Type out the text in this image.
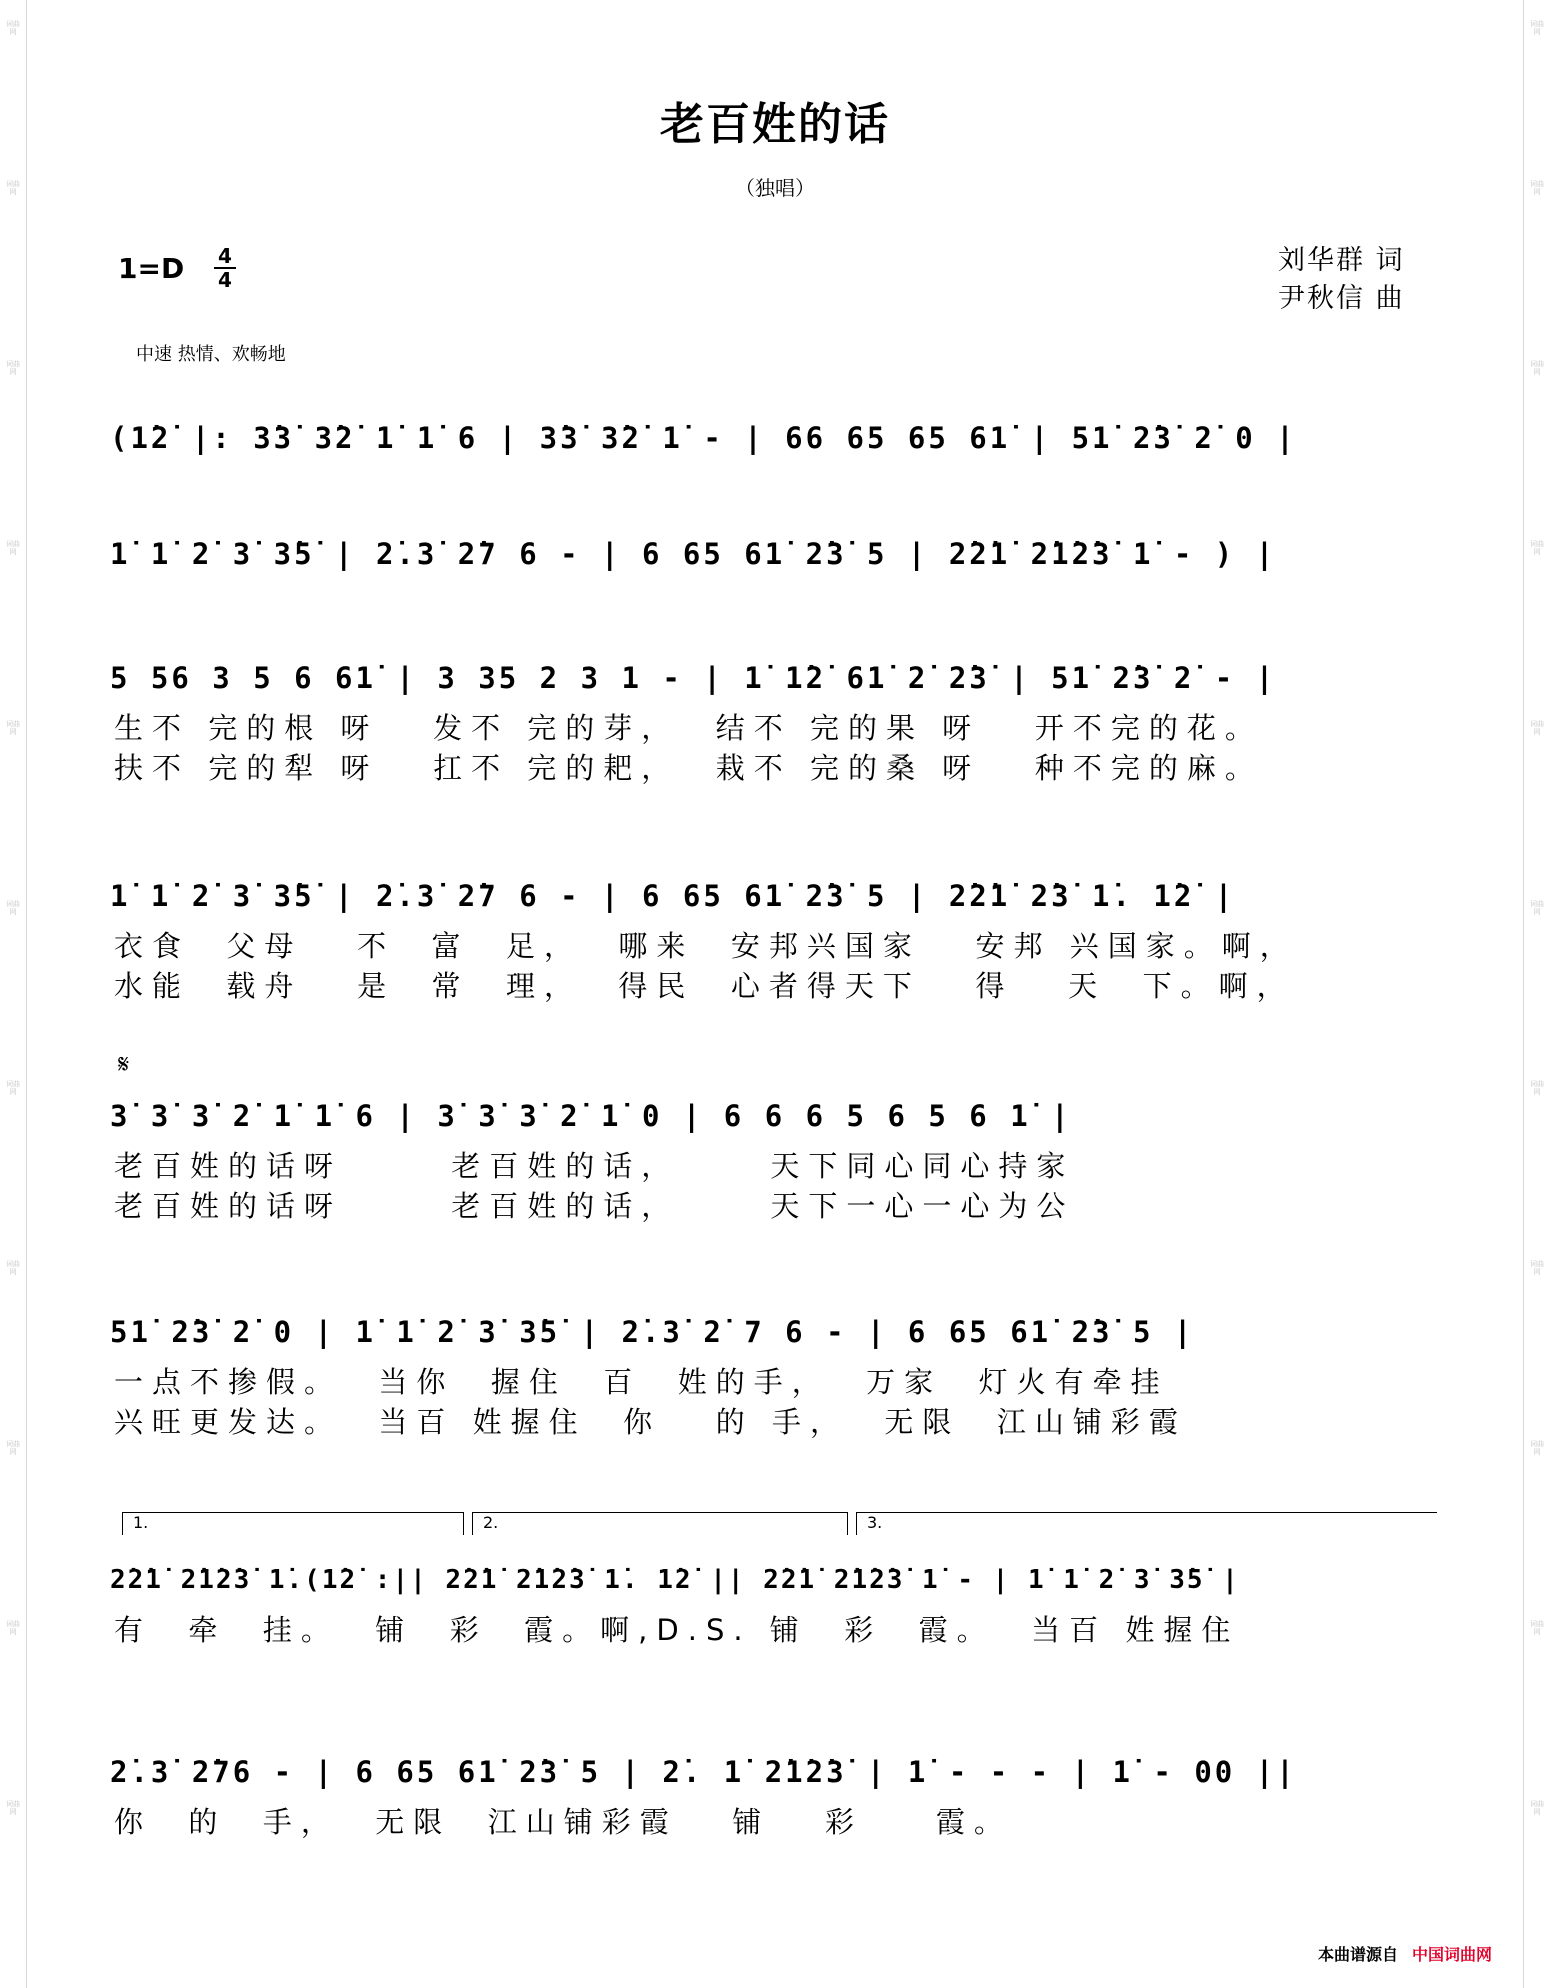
词曲网
词曲网
词曲网
词曲网
词曲网
词曲网
词曲网
词曲网
词曲网
词曲网
词曲网
词曲网
词曲网
词曲网
词曲网
词曲网
词曲网
词曲网
词曲网
词曲网
词曲网
词曲网
老百姓的话
（独唱）
1=D 4
4
刘华群 词
尹秋信 曲
中速 热情、欢畅地
(1̇2̇ |: 3̇3̇ 3̇2̇ 1̇ 1̇ 6 | 3̇3̇ 3̇2̇ 1̇ - | 66 65 65 61̇ | 51̇ 2̇3̇ 2̇ 0 |
1̇ 1̇ 2̇ 3̇ 3̇5̇ | 2̇.3̇ 2̇7 6 - | 6 65 61̇ 2̇3̇ 5 | 2̇2̇1̇ 2̇1̇2̇3̇ 1̇ - ) |
5 56 3 5 6 61̇ | 3 35 2 3 1 - | 1̇ 1̇2̇ 61̇ 2̇ 2̇3̇ | 51̇ 2̇3̇ 2̇ - |
生不 完的根 呀   发不 完的芽，  结不 完的果 呀   开不完的花。
扶不 完的犁 呀   扛不 完的耙，  栽不 完的桑 呀   种不完的麻。
1̇ 1̇ 2̇ 3̇ 3̇5̇ | 2̇.3̇ 2̇7 6 - | 6 65 61̇ 2̇3̇ 5 | 2̇2̇1̇ 2̇3̇ 1̇. 1̇2̇ |
衣食  父母   不  富  足，  哪来  安邦兴国家   安邦 兴国家。啊，
水能  载舟   是  常  理，  得民  心者得天下   得   天  下。啊，
𝄋
3̇ 3̇ 3̇ 2̇ 1̇ 1̇ 6 | 3̇ 3̇ 3̇ 2̇ 1̇ 0 | 6 6 6 5 6 5 6 1̇ |
老百姓的话呀      老百姓的话，     天下同心同心持家
老百姓的话呀      老百姓的话，     天下一心一心为公
51̇ 2̇3̇ 2̇ 0 | 1̇ 1̇ 2̇ 3̇ 3̇5̇ | 2̇.3̇ 2̇ 7 6 - | 6 65 61̇ 2̇3̇ 5 |
一点不掺假。  当你  握住  百  姓的手，  万家  灯火有牵挂
兴旺更发达。  当百 姓握住  你   的 手，  无限  江山铺彩霞
1.	2.	3.
2̇2̇1̇ 2̇1̇2̇3̇ 1̇.(1̇2̇ :|| 2̇2̇1̇ 2̇1̇2̇3̇ 1̇. 1̇2̇ || 2̇2̇1̇ 2̇1̇2̇3̇ 1̇ - | 1̇ 1̇ 2̇ 3̇ 3̇5̇ |
有  牵  挂。  铺  彩  霞。啊,D.S. 铺  彩  霞。  当百 姓握住
2̇.3̇ 2̇76 - | 6 65 61̇ 2̇3̇ 5 | 2̇. 1̇ 2̇1̇2̇3̇ | 1̇ - - - | 1̇ - 00 ||
你  的  手，  无限  江山铺彩霞   铺   彩    霞。
本曲谱源自 中国词曲网
